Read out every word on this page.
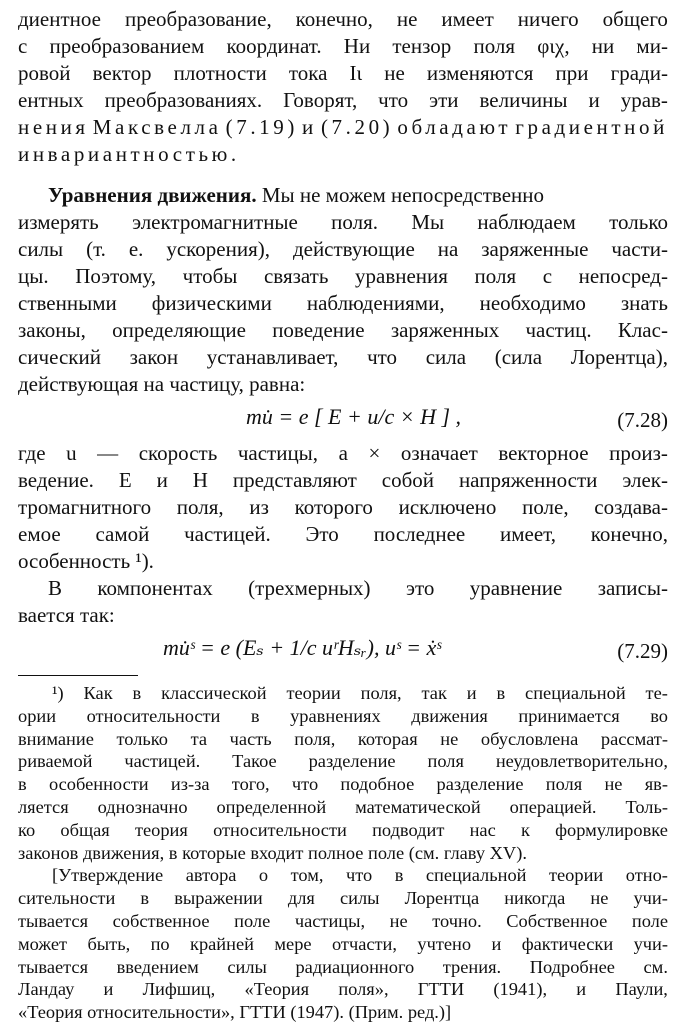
диентное преобразование, конечно, не имеет ничего общего
с преобразованием координат. Ни тензор поля φιχ, ни ми-
ровой вектор плотности тока Iι не изменяются при гради-
ентных преобразованиях. Говорят, что эти величины и урав-
нения Максвелла (7.19) и (7.20) обладают градиентной
инвариантностью.
Уравнения движения. Мы не можем непосредственно
измерять электромагнитные поля. Мы наблюдаем только
силы (т. е. ускорения), действующие на заряженные части-
цы. Поэтому, чтобы связать уравнения поля с непосред-
ственными физическими наблюдениями, необходимо знать
законы, определяющие поведение заряженных частиц. Клас-
сический закон устанавливает, что сила (сила Лорентца),
действующая на частицу, равна:
mu̇ = e [ E + u/c × H ] ,	(7.28)
где u — скорость частицы, а × означает векторное произ-
ведение. E и H представляют собой напряженности элек-
тромагнитного поля, из которого исключено поле, создава-
емое самой частицей. Это последнее имеет, конечно,
особенность ¹).
В компонентах (трехмерных) это уравнение записы-
вается так:
mu̇ˢ = e (Eₛ + 1/c uʳHₛᵣ), uˢ = ẋˢ	(7.29)
¹) Как в классической теории поля, так и в специальной те-
ории относительности в уравнениях движения принимается во
внимание только та часть поля, которая не обусловлена рассмат-
риваемой частицей. Такое разделение поля неудовлетворительно,
в особенности из-за того, что подобное разделение поля не яв-
ляется однозначно определенной математической операцией. Толь-
ко общая теория относительности подводит нас к формулировке
законов движения, в которые входит полное поле (см. главу XV).
[Утверждение автора о том, что в специальной теории отно-
сительности в выражении для силы Лорентца никогда не учи-
тывается собственное поле частицы, не точно. Собственное поле
может быть, по крайней мере отчасти, учтено и фактически учи-
тывается введением силы радиационного трения. Подробнее см.
Ландау и Лифшиц, «Теория поля», ГТТИ (1941), и Паули,
«Теория относительности», ГТТИ (1947). (Прим. ред.)]
